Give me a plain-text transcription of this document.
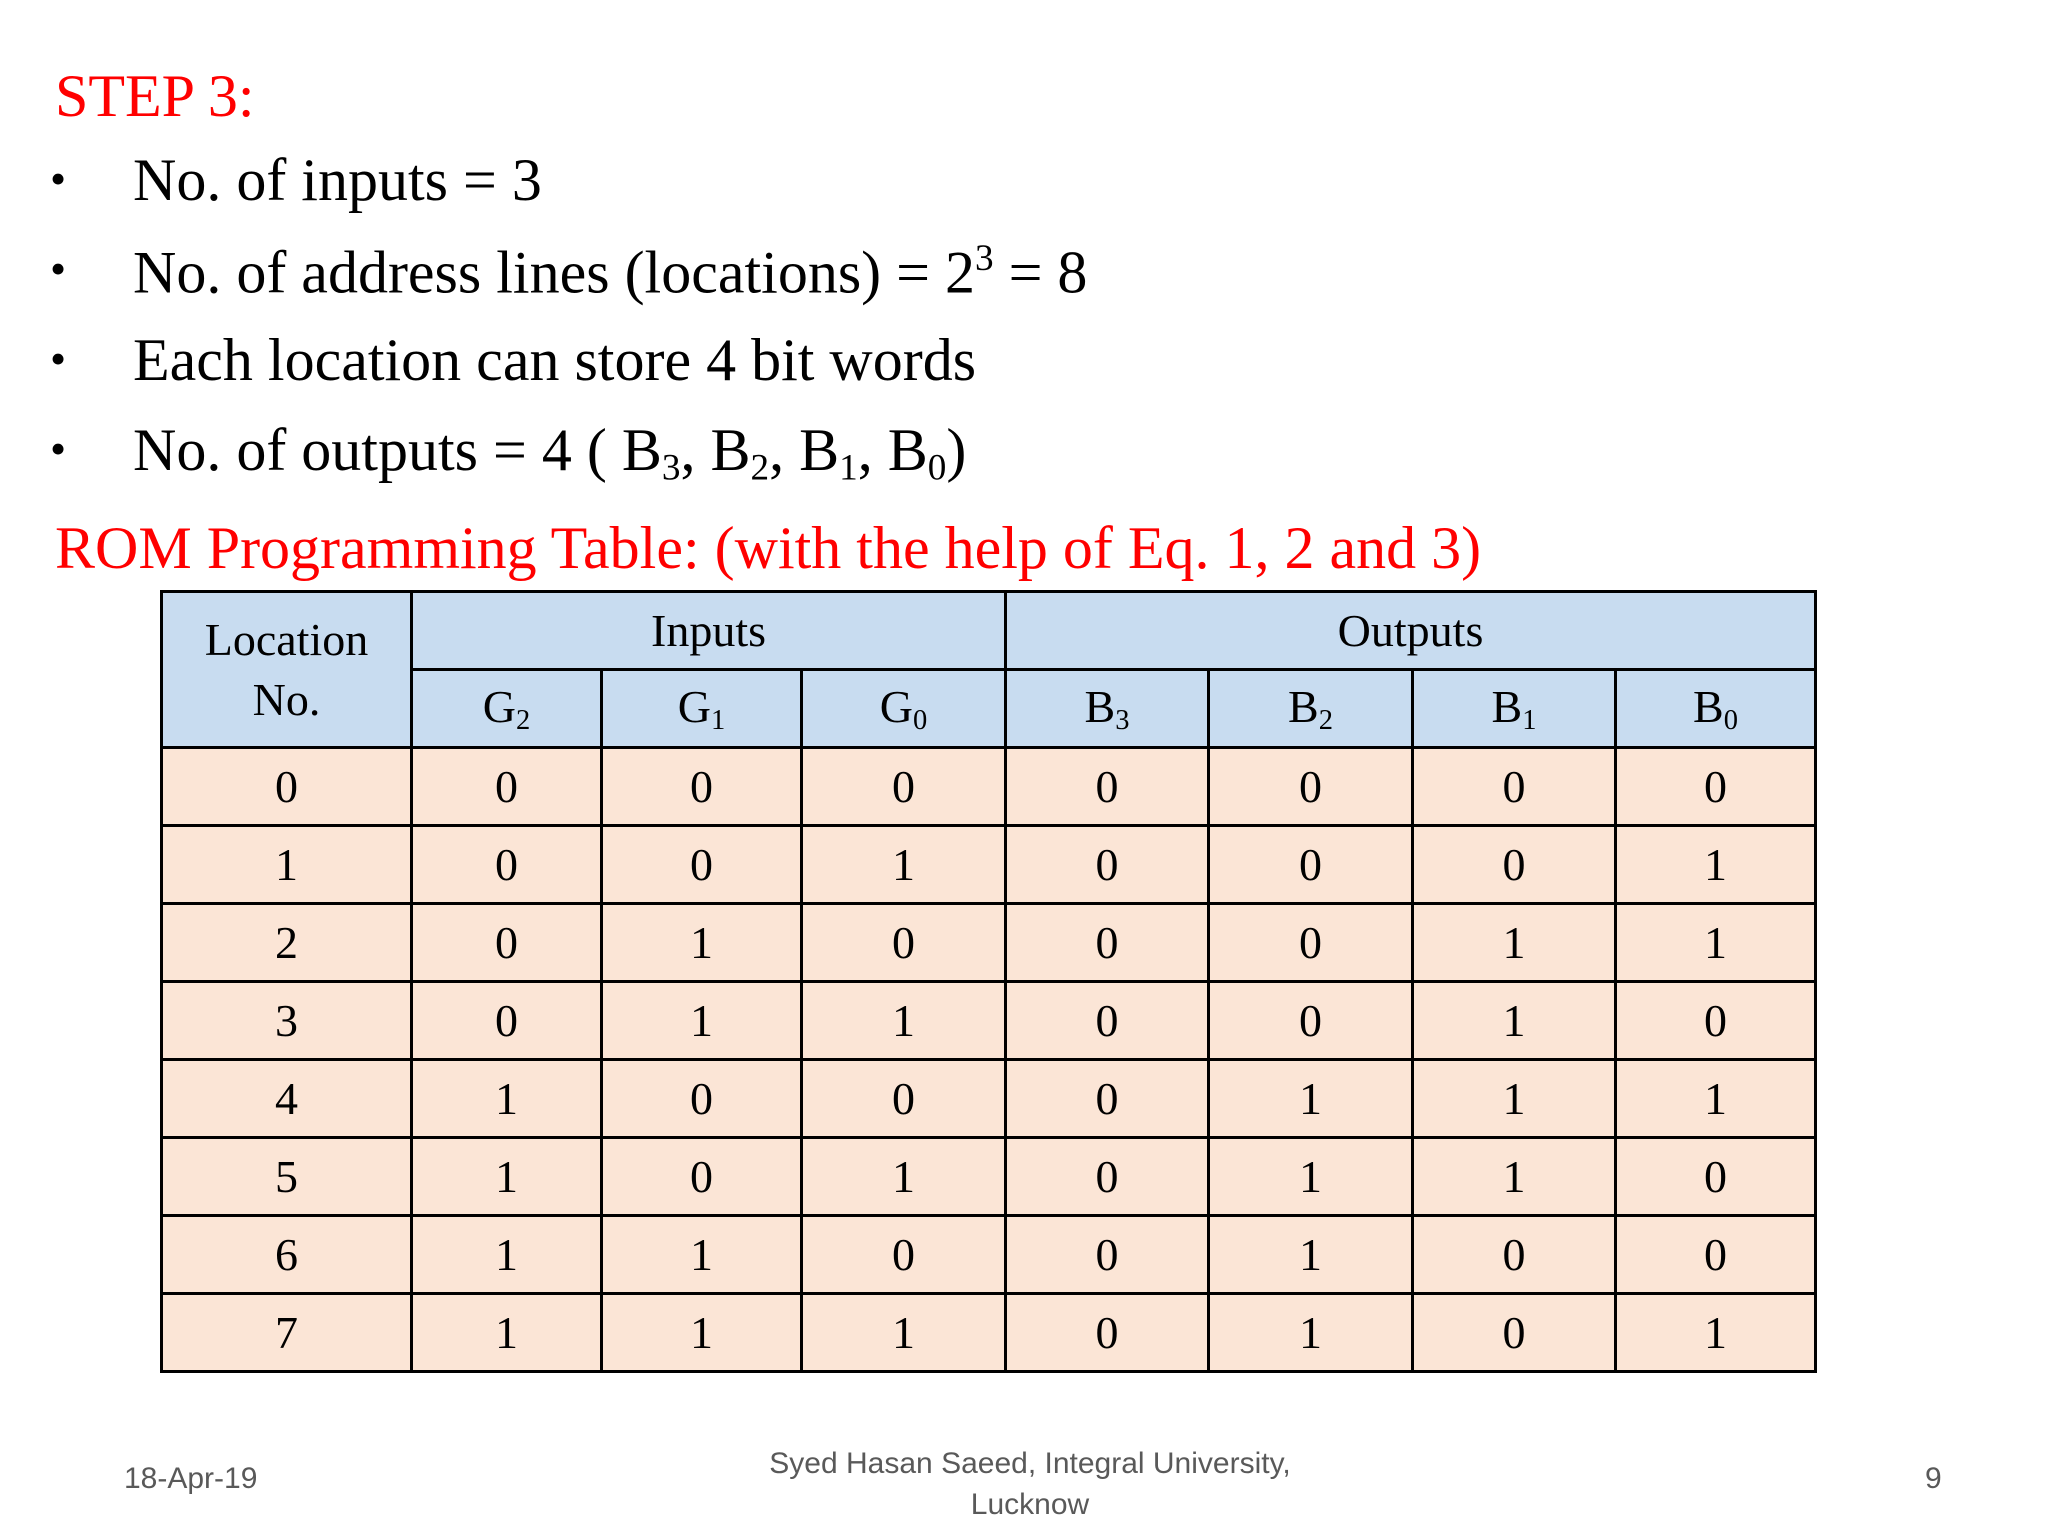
STEP 3:
• No. of inputs = 3
• No. of address lines (locations) = $2^3 = 8$
• Each location can store 4 bit words
• No. of outputs = 4 ( $B_3$, $B_2$, $B_1$, $B_0$)
ROM Programming Table: (with the help of Eq. 1, 2 and 3)
Location
No.	Inputs			Outputs			
	$G_2$	$G_1$	$G_0$	$B_3$	$B_2$	$B_1$	$B_0$
0	0	0	0	0	0	0	0
1	0	0	1	0	0	0	1
2	0	1	0	0	0	1	1
3	0	1	1	0	0	1	0
4	1	0	0	0	1	1	1
5	1	0	1	0	1	1	0
6	1	1	0	0	1	0	0
7	1	1	1	0	1	0	1
18-Apr-19	Syed Hasan Saeed, Integral University,
Lucknow
9
